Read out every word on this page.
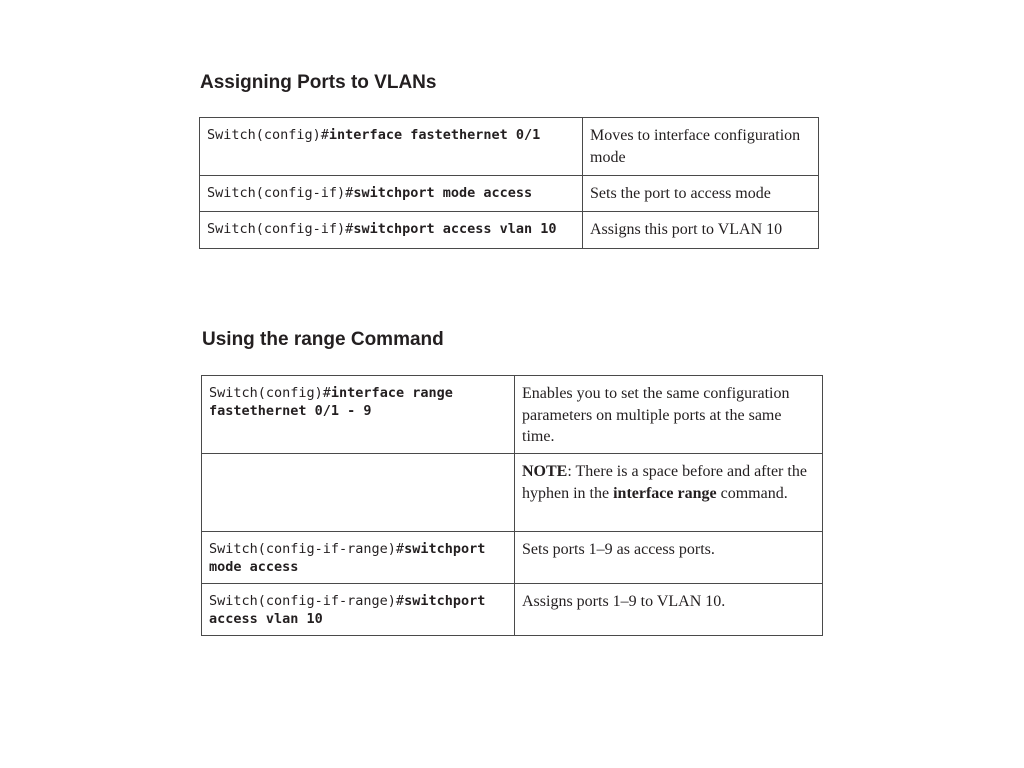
Assigning Ports to VLANs
Switch(config)#interface fastethernet 0/1	Moves to interface configuration mode

Switch(config-if)#switchport mode access	Sets the port to access mode

Switch(config-if)#switchport access vlan 10	Assigns this port to VLAN 10
Using the range Command
Switch(config)#interface range fastethernet 0/1 - 9	Enables you to set the same configuration parameters on multiple ports at the same time.

	NOTE: There is a space before and after the hyphen in the interface range command.

Switch(config-if-range)#switchport mode access	Sets ports 1–9 as access ports.

Switch(config-if-range)#switchport access vlan 10	Assigns ports 1–9 to VLAN 10.
